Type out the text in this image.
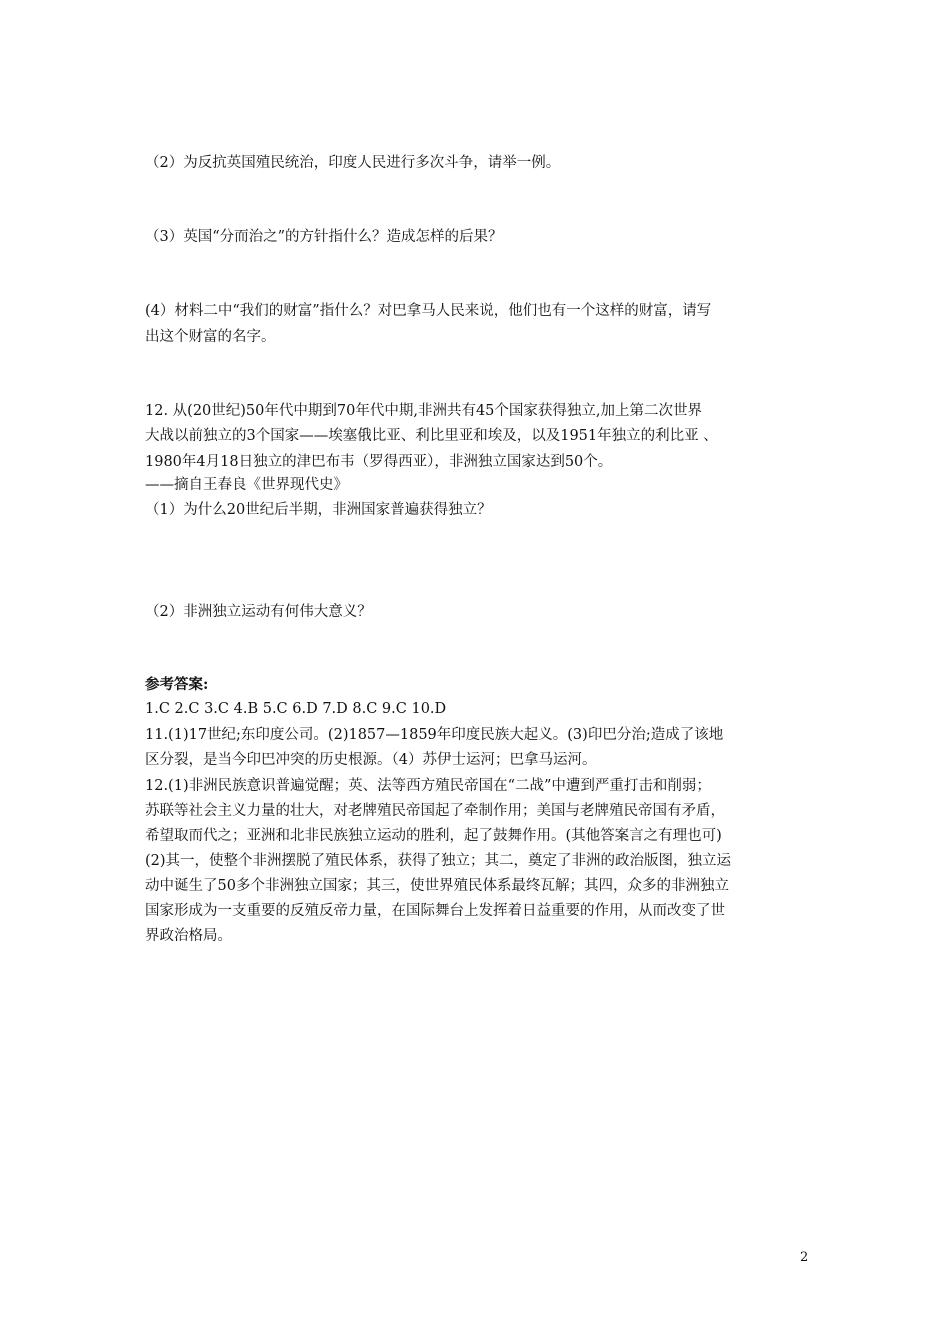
（2）为反抗英国殖民统治，印度人民进行多次斗争，请举一例。
（3）英国“分而治之”的方针指什么？造成怎样的后果？
(4）材料二中“我们的财富”指什么？对巴拿马人民来说，他们也有一个这样的财富，请写
出这个财富的名字。
12. 从(20世纪)50年代中期到70年代中期,非洲共有45个国家获得独立,加上第二次世界
大战以前独立的3个国家——埃塞俄比亚、利比里亚和埃及，以及1951年独立的利比亚 、
1980年4月18日独立的津巴布韦（罗得西亚），非洲独立国家达到50个。
——摘自王春良《世界现代史》
（1）为什么20世纪后半期，非洲国家普遍获得独立？
（2）非洲独立运动有何伟大意义？
参考答案:
1.C 2.C 3.C 4.B 5.C 6.D 7.D 8.C 9.C 10.D
11.(1)17世纪;东印度公司。(2)1857—1859年印度民族大起义。(3)印巴分治;造成了该地
区分裂，是当今印巴冲突的历史根源。（4）苏伊士运河；巴拿马运河。
12.(1)非洲民族意识普遍觉醒；英、法等西方殖民帝国在“二战”中遭到严重打击和削弱；
苏联等社会主义力量的壮大，对老牌殖民帝国起了牵制作用；美国与老牌殖民帝国有矛盾，
希望取而代之；亚洲和北非民族独立运动的胜利，起了鼓舞作用。(其他答案言之有理也可)
(2)其一，使整个非洲摆脱了殖民体系，获得了独立；其二，奠定了非洲的政治版图，独立运
动中诞生了50多个非洲独立国家；其三，使世界殖民体系最终瓦解；其四，众多的非洲独立
国家形成为一支重要的反殖反帝力量，在国际舞台上发挥着日益重要的作用，从而改变了世
界政治格局。
2
